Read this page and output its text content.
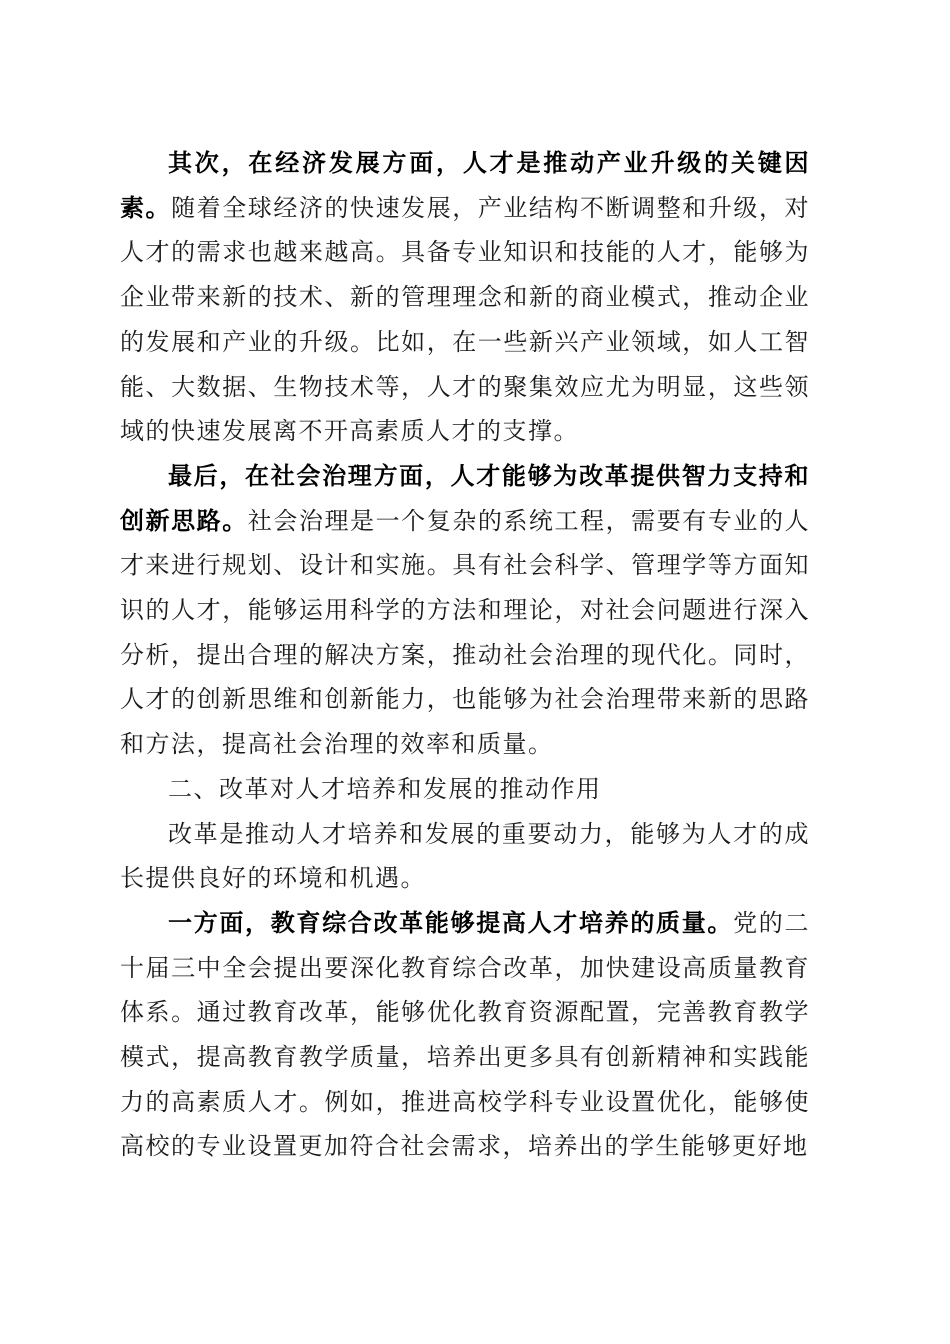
其次，在经济发展方面，人才是推动产业升级的关键因素。随着全球经济的快速发展，产业结构不断调整和升级，对人才的需求也越来越高。具备专业知识和技能的人才，能够为企业带来新的技术、新的管理理念和新的商业模式，推动企业的发展和产业的升级。比如，在一些新兴产业领域，如人工智能、大数据、生物技术等，人才的聚集效应尤为明显，这些领域的快速发展离不开高素质人才的支撑。

最后，在社会治理方面，人才能够为改革提供智力支持和创新思路。社会治理是一个复杂的系统工程，需要有专业的人才来进行规划、设计和实施。具有社会科学、管理学等方面知识的人才，能够运用科学的方法和理论，对社会问题进行深入分析，提出合理的解决方案，推动社会治理的现代化。同时，人才的创新思维和创新能力，也能够为社会治理带来新的思路和方法，提高社会治理的效率和质量。

二、改革对人才培养和发展的推动作用

改革是推动人才培养和发展的重要动力，能够为人才的成长提供良好的环境和机遇。

一方面，教育综合改革能够提高人才培养的质量。党的二十届三中全会提出要深化教育综合改革，加快建设高质量教育体系。通过教育改革，能够优化教育资源配置，完善教育教学模式，提高教育教学质量，培养出更多具有创新精神和实践能力的高素质人才。例如，推进高校学科专业设置优化，能够使高校的专业设置更加符合社会需求，培养出的学生能够更好地
